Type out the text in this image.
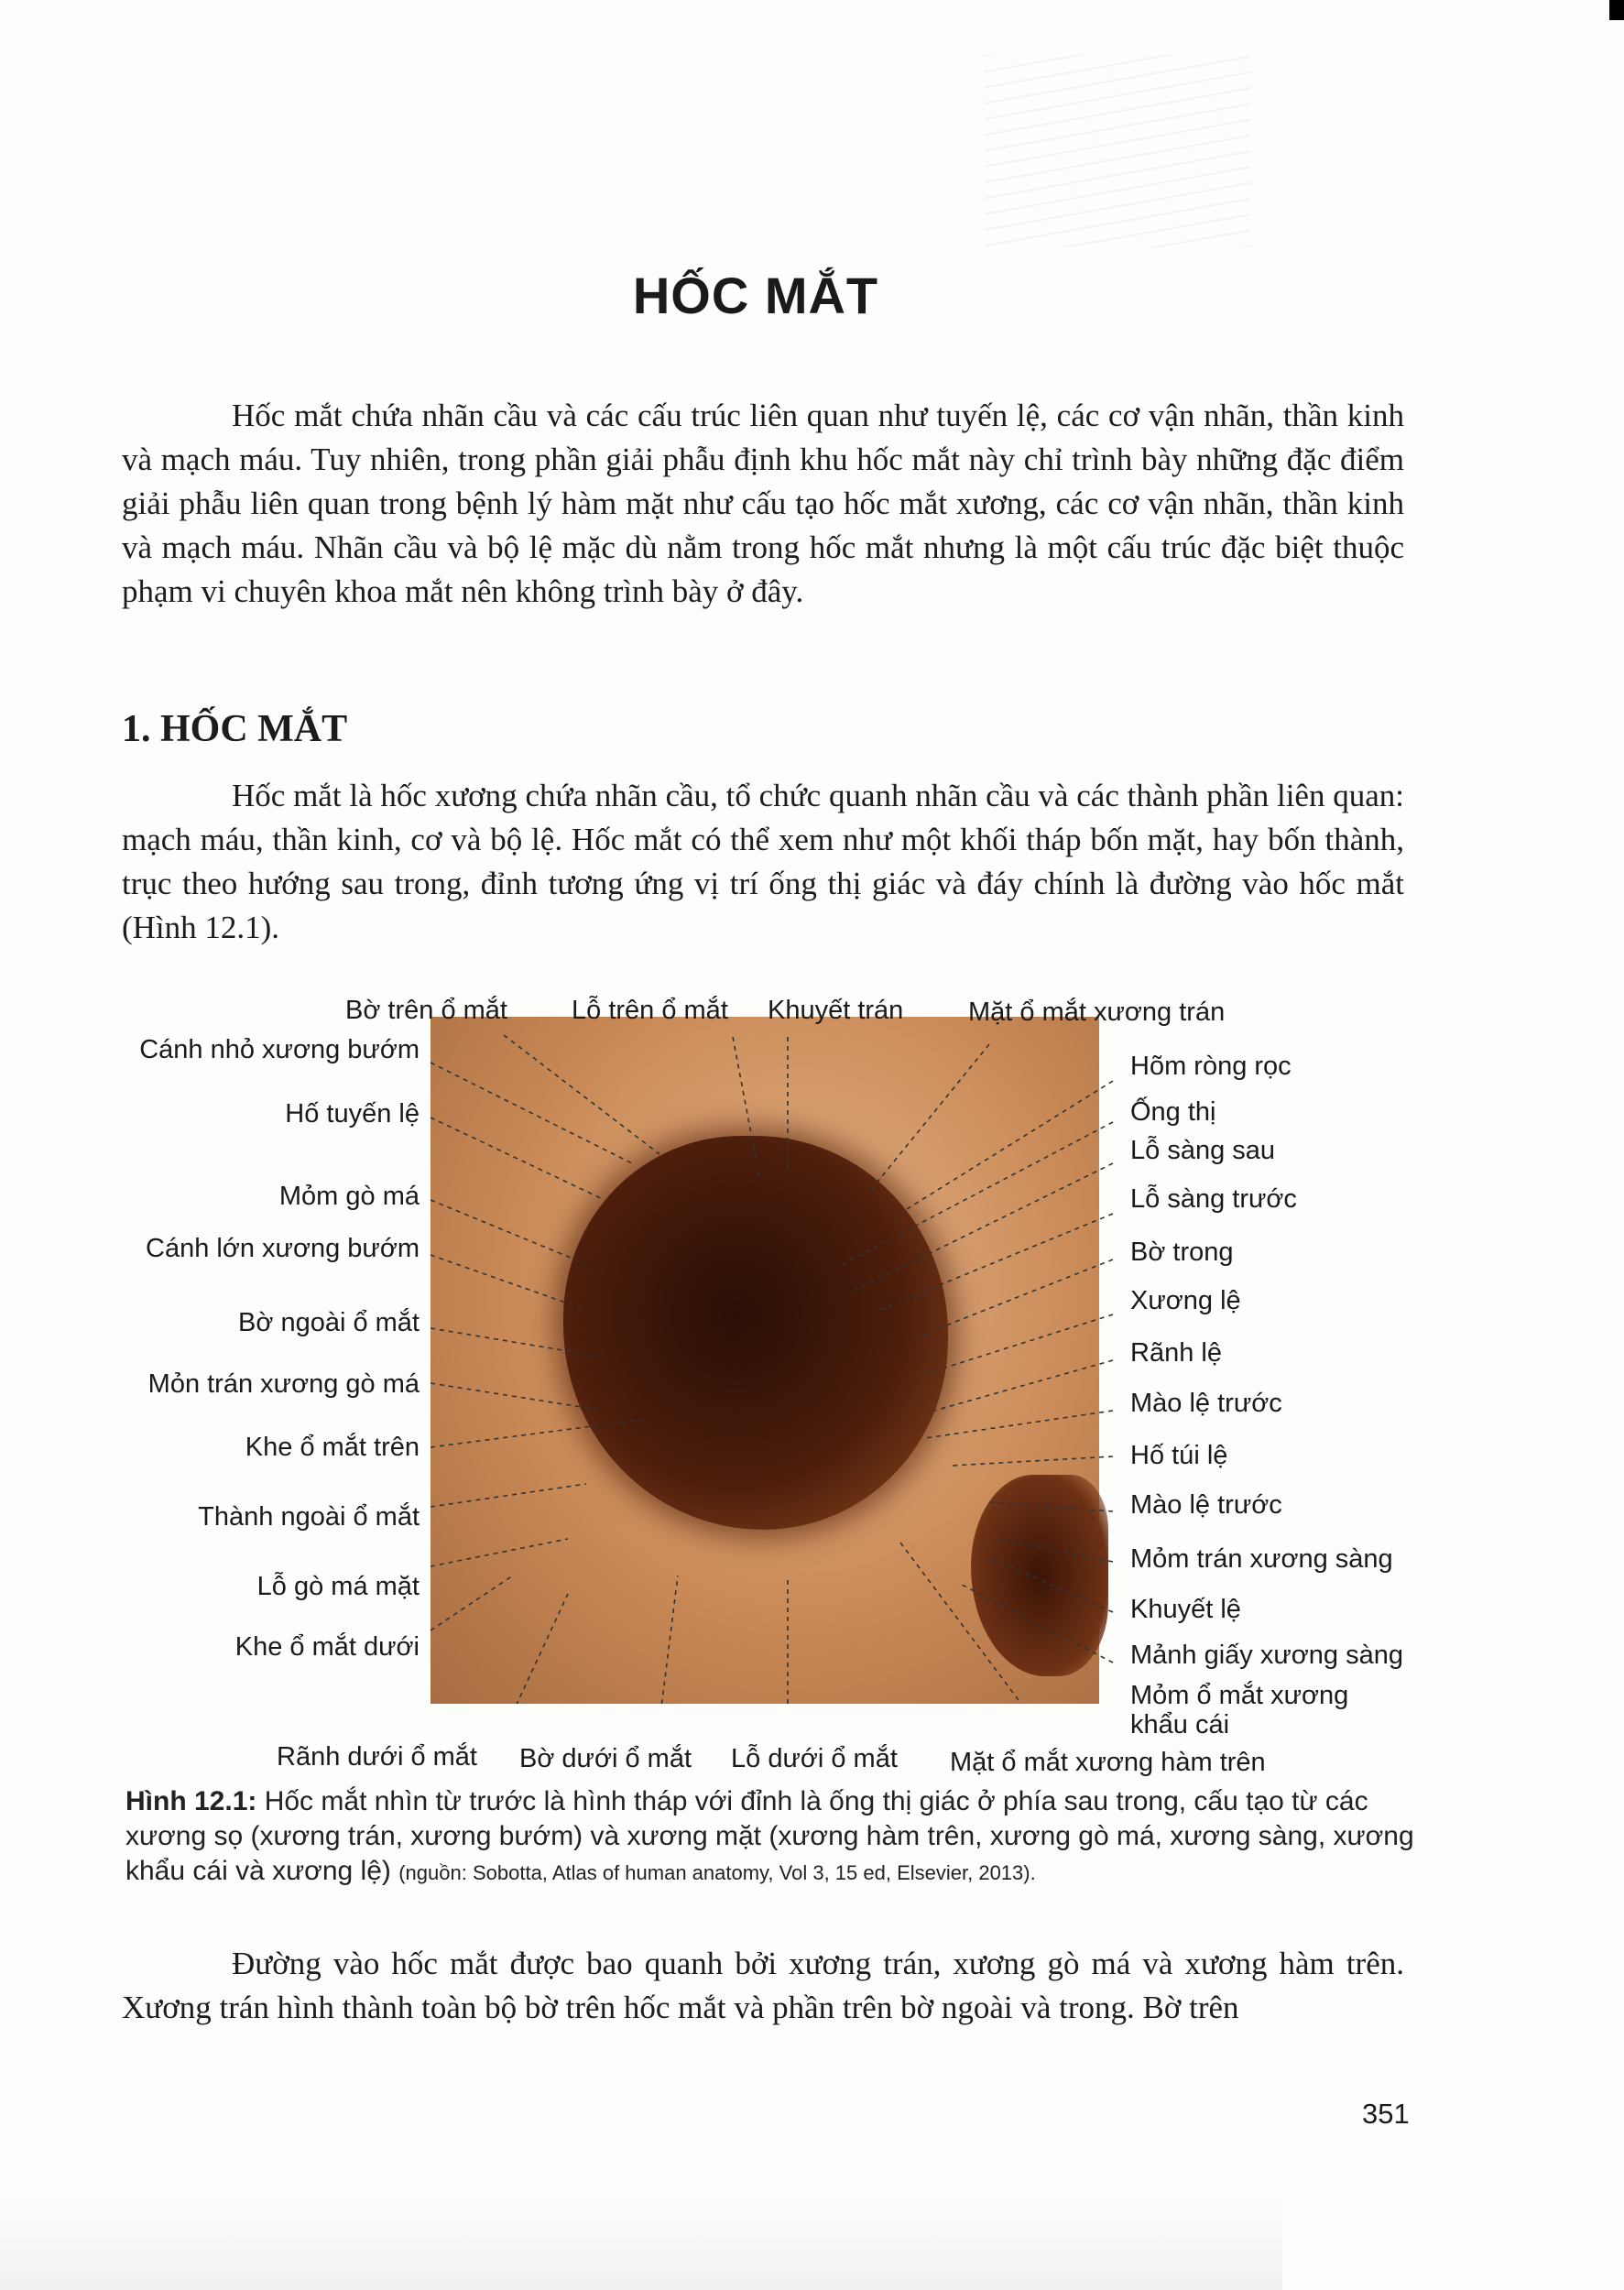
HỐC MẮT

Hốc mắt chứa nhãn cầu và các cấu trúc liên quan như tuyến lệ, các cơ vận nhãn, thần kinh và mạch máu. Tuy nhiên, trong phần giải phẫu định khu hốc mắt này chỉ trình bày những đặc điểm giải phẫu liên quan trong bệnh lý hàm mặt như cấu tạo hốc mắt xương, các cơ vận nhãn, thần kinh và mạch máu. Nhãn cầu và bộ lệ mặc dù nằm trong hốc mắt nhưng là một cấu trúc đặc biệt thuộc phạm vi chuyên khoa mắt nên không trình bày ở đây.

1. HỐC MẮT

Hốc mắt là hốc xương chứa nhãn cầu, tổ chức quanh nhãn cầu và các thành phần liên quan: mạch máu, thần kinh, cơ và bộ lệ. Hốc mắt có thể xem như một khối tháp bốn mặt, hay bốn thành, trục theo hướng sau trong, đỉnh tương ứng vị trí ống thị giác và đáy chính là đường vào hốc mắt (Hình 12.1).

Bờ trên ổ mắt Lỗ trên ổ mắt Khuyết trán Mặt ổ mắt xương trán
Cánh nhỏ xương bướm
Hố tuyến lệ
Mỏm gò má
Cánh lớn xương bướm
Bờ ngoài ổ mắt
Mỏn trán xương gò má
Khe ổ mắt trên
Thành ngoài ổ mắt
Lỗ gò má mặt
Khe ổ mắt dưới
Hõm ròng rọc
Ống thị
Lỗ sàng sau
Lỗ sàng trước
Bờ trong
Xương lệ
Rãnh lệ
Mào lệ trước
Hố túi lệ
Mào lệ trước
Mỏm trán xương sàng
Khuyết lệ
Mảnh giấy xương sàng
Mỏm ổ mắt xương
khẩu cái
Rãnh dưới ổ mắt Bờ dưới ổ mắt Lỗ dưới ổ mắt Mặt ổ mắt xương hàm trên

Hình 12.1: Hốc mắt nhìn từ trước là hình tháp với đỉnh là ống thị giác ở phía sau trong, cấu tạo từ các xương sọ (xương trán, xương bướm) và xương mặt (xương hàm trên, xương gò má, xương sàng, xương khẩu cái và xương lệ) (nguồn: Sobotta, Atlas of human anatomy, Vol 3, 15 ed, Elsevier, 2013).

Đường vào hốc mắt được bao quanh bởi xương trán, xương gò má và xương hàm trên. Xương trán hình thành toàn bộ bờ trên hốc mắt và phần trên bờ ngoài và trong. Bờ trên

351
